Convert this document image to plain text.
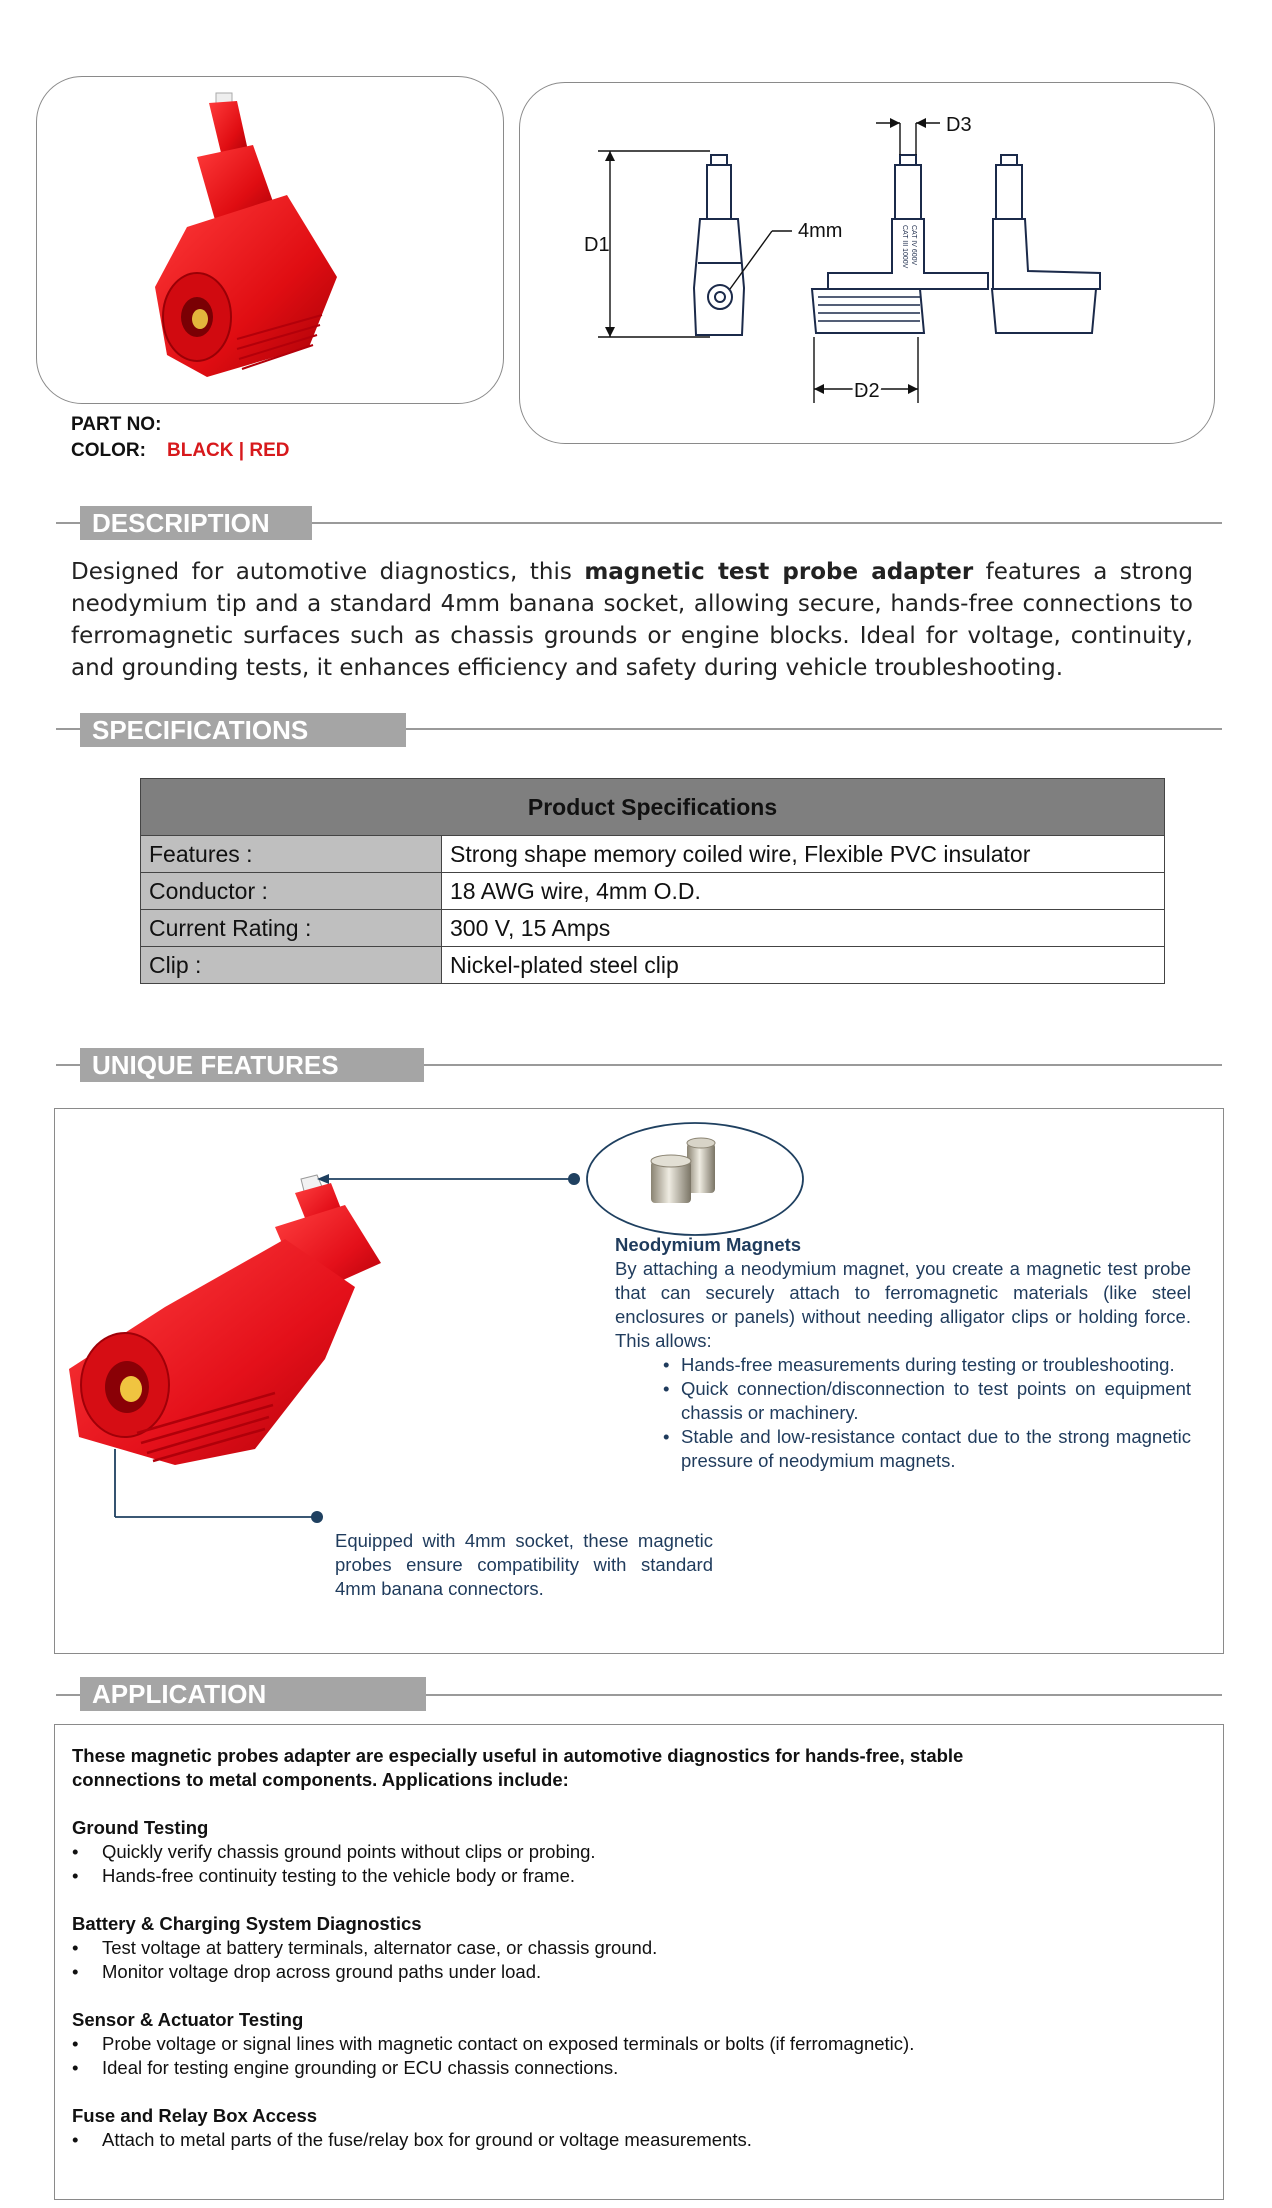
PART NO:
COLOR: BLACK | RED
D1
D3
D2
4mm	CAT III 1000V CAT IV 600V
DESCRIPTION
Designed for automotive diagnostics, this magnetic test probe adapter features a strong neodymium tip and a standard 4mm banana socket, allowing secure, hands-free connections to ferromagnetic surfaces such as chassis grounds or engine blocks. Ideal for voltage, continuity, and grounding tests, it enhances efficiency and safety during vehicle troubleshooting.
SPECIFICATIONS
Product Specifications	
Features :	Strong shape memory coiled wire, Flexible PVC insulator
Conductor :	18 AWG wire, 4mm O.D.
Current Rating :	300 V, 15 Amps
Clip :	Nickel-plated steel clip
UNIQUE FEATURES
Neodymium Magnets
By attaching a neodymium magnet, you create a magnetic test probe that can securely attach to ferromagnetic materials (like steel enclosures or panels) without needing alligator clips or holding force. This allows:
• Hands-free measurements during testing or troubleshooting.
• Quick connection/disconnection to test points on equipment chassis or machinery.
• Stable and low-resistance contact due to the strong magnetic pressure of neodymium magnets.
Equipped with 4mm socket, these magnetic probes ensure compatibility with standard 4mm banana connectors.
APPLICATION

These magnetic probes adapter are especially useful in automotive diagnostics for hands-free, stable connections to metal components. Applications include:

Ground Testing

• Quickly verify chassis ground points without clips or probing.

• Hands-free continuity testing to the vehicle body or frame.

Battery & Charging System Diagnostics

• Test voltage at battery terminals, alternator case, or chassis ground.

• Monitor voltage drop across ground paths under load.

Sensor & Actuator Testing

• Probe voltage or signal lines with magnetic contact on exposed terminals or bolts (if ferromagnetic).

• Ideal for testing engine grounding or ECU chassis connections.

Fuse and Relay Box Access

• Attach to metal parts of the fuse/relay box for ground or voltage measurements.
